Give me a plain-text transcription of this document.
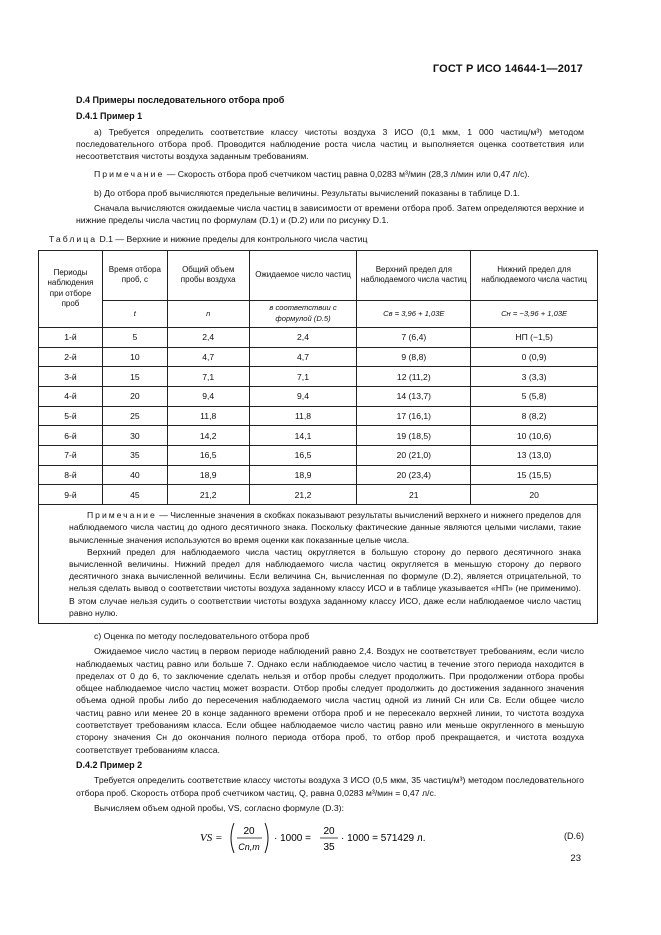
ГОСТ Р ИСО 14644-1—2017
D.4 Примеры последовательного отбора проб
D.4.1 Пример 1

а) Требуется определить соответствие классу чистоты воздуха 3 ИСО (0,1 мкм, 1 000 частиц/м³) методом последовательного отбора проб. Проводится наблюдение роста числа частиц и выполняется оценка соответствия или несоответствия чистоты воздуха заданным требованиям.

Примечание — Скорость отбора проб счетчиком частиц равна 0,0283 м³/мин (28,3 л/мин или 0,47 л/с).

b) До отбора проб вычисляются предельные величины. Результаты вычислений показаны в таблице D.1.

Сначала вычисляются ожидаемые числа частиц в зависимости от времени отбора проб. Затем определяются верхние и нижние пределы числа частиц по формулам (D.1) и (D.2) или по рисунку D.1.

Таблица D.1 — Верхние и нижние пределы для контрольного числа частиц
Периоды наблюдения при отборе проб	Время отбора проб, с	Общий объем пробы воздуха	Ожидаемое число частиц	Верхний предел для наблюдаемого числа частиц	Нижний предел для наблюдаемого числа частиц
	t	n	в соответствии с формулой (D.5)	Cв = 3,96 + 1,03E	Cн = −3,96 + 1,03E
1-й	5	2,4	2,4	7 (6,4)	НП (−1,5)
2-й	10	4,7	4,7	9 (8,8)	0 (0,9)
3-й	15	7,1	7,1	12 (11,2)	3 (3,3)
4-й	20	9,4	9,4	14 (13,7)	5 (5,8)
5-й	25	11,8	11,8	17 (16,1)	8 (8,2)
6-й	30	14,2	14,1	19 (18,5)	10 (10,6)
7-й	35	16,5	16,5	20 (21,0)	13 (13,0)
8-й	40	18,9	18,9	20 (23,4)	15 (15,5)
9-й	45	21,2	21,2	21	20

Примечание — Численные значения в скобках показывают результаты вычислений верхнего и нижнего пределов для наблюдаемого числа частиц до одного десятичного знака. Поскольку фактические данные являются целыми числами, такие вычисленные значения используются во время оценки как показанные целые числа.

Верхний предел для наблюдаемого числа частиц округляется в большую сторону до первого десятичного знака вычисленной величины. Нижний предел для наблюдаемого числа частиц округляется в меньшую сторону до первого десятичного знака вычисленной величины. Если величина Сн, вычисленная по формуле (D.2), является отрицательной, то нельзя сделать вывод о соответствии чистоты воздуха заданному классу ИСО и в таблице указывается «НП» (не применимо). В этом случае нельзя судить о соответствии чистоты воздуха заданному классу ИСО, даже если наблюдаемое число частиц равно нулю.					

с) Оценка по методу последовательного отбора проб

Ожидаемое число частиц в первом периоде наблюдений равно 2,4. Воздух не соответствует требованиям, если число наблюдаемых частиц равно или больше 7. Однако если наблюдаемое число частиц в течение этого периода находится в пределах от 0 до 6, то заключение сделать нельзя и отбор пробы следует продолжить. При продолжении отбора пробы общее наблюдаемое число частиц может возрасти. Отбор пробы следует продолжить до достижения заданного значения объема одной пробы либо до пересечения наблюдаемого числа частиц одной из линий Сн или Св. Если общее число частиц равно или менее 20 в конце заданного времени отбора проб и не пересекало верхней линии, то чистота воздуха соответствует требованиям класса. Если общее наблюдаемое число частиц равно или меньше округленного в меньшую сторону значения Сн до окончания полного периода отбора проб, то отбор проб прекращается, и чистота воздуха соответствует требованиям класса.

D.4.2 Пример 2

Требуется определить соответствие классу чистоты воздуха 3 ИСО (0,5 мкм, 35 частиц/м³) методом последовательного отбора проб. Скорость отбора проб счетчиком частиц, Q, равна 0,0283 м³/мин = 0,47 л/с.

Вычисляем объем одной пробы, VS, согласно формуле (D.3):

VS =
20
Cn,m
· 1000 =
20
35
· 1000 = 571429 л.	(D.6)
23
